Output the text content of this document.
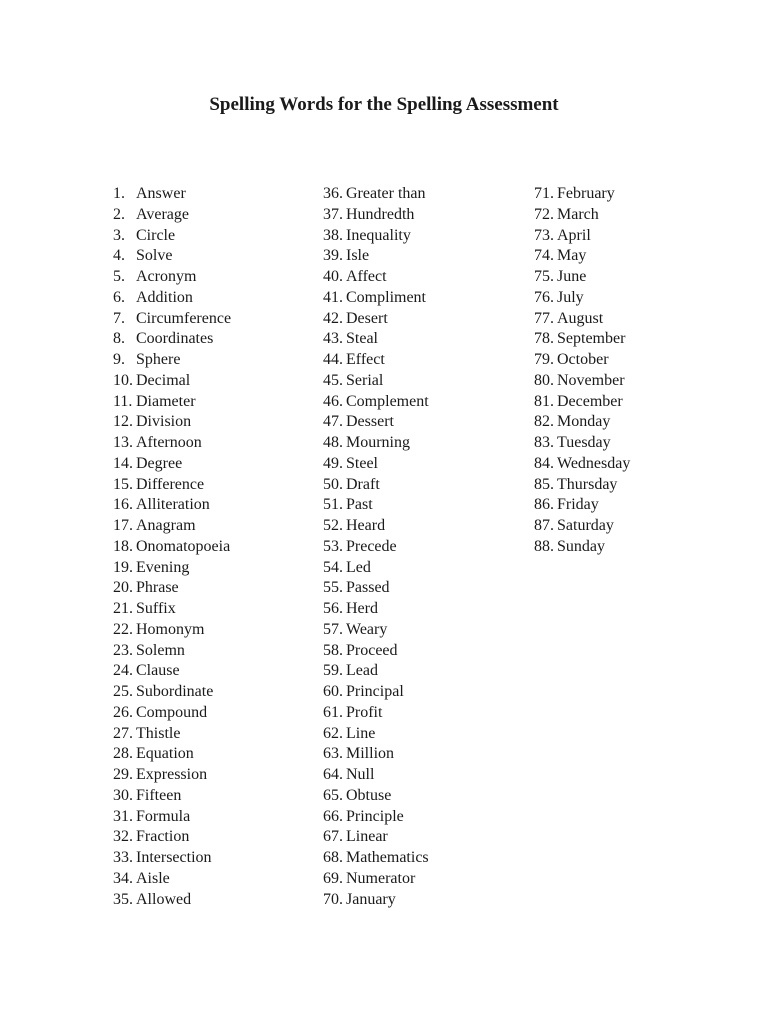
Spelling Words for the Spelling Assessment
1. Answer
2. Average
3. Circle
4. Solve
5. Acronym
6. Addition
7. Circumference
8. Coordinates
9. Sphere
10. Decimal
11. Diameter
12. Division
13. Afternoon
14. Degree
15. Difference
16. Alliteration
17. Anagram
18. Onomatopoeia
19. Evening
20. Phrase
21. Suffix
22. Homonym
23. Solemn
24. Clause
25. Subordinate
26. Compound
27. Thistle
28. Equation
29. Expression
30. Fifteen
31. Formula
32. Fraction
33. Intersection
34. Aisle
35. Allowed
36. Greater than
37. Hundredth
38. Inequality
39. Isle
40. Affect
41. Compliment
42. Desert
43. Steal
44. Effect
45. Serial
46. Complement
47. Dessert
48. Mourning
49. Steel
50. Draft
51. Past
52. Heard
53. Precede
54. Led
55. Passed
56. Herd
57. Weary
58. Proceed
59. Lead
60. Principal
61. Profit
62. Line
63. Million
64. Null
65. Obtuse
66. Principle
67. Linear
68. Mathematics
69. Numerator
70. January
71. February
72. March
73. April
74. May
75. June
76. July
77. August
78. September
79. October
80. November
81. December
82. Monday
83. Tuesday
84. Wednesday
85. Thursday
86. Friday
87. Saturday
88. Sunday
